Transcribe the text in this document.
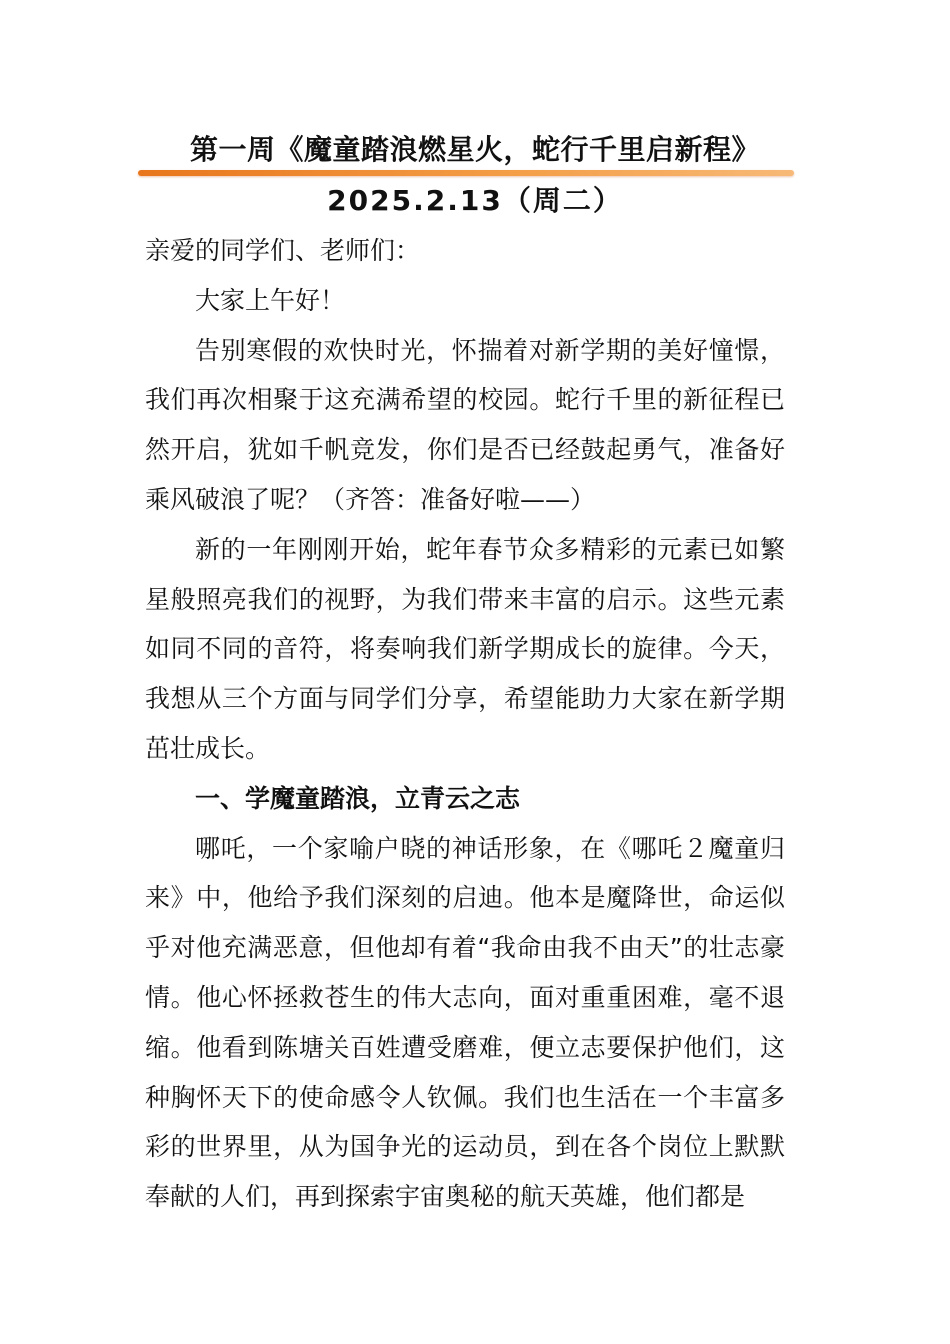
第一周《魔童踏浪燃星火，蛇行千里启新程》
2025.2.13（周二）

亲爱的同学们、老师们：

大家上午好！

告别寒假的欢快时光，怀揣着对新学期的美好憧憬，我们再次相聚于这充满希望的校园。蛇行千里的新征程已然开启，犹如千帆竞发，你们是否已经鼓起勇气，准备好乘风破浪了呢？（齐答：准备好啦——）

新的一年刚刚开始，蛇年春节众多精彩的元素已如繁星般照亮我们的视野，为我们带来丰富的启示。这些元素如同不同的音符，将奏响我们新学期成长的旋律。今天，我想从三个方面与同学们分享，希望能助力大家在新学期茁壮成长。

一、学魔童踏浪，立青云之志

哪吒，一个家喻户晓的神话形象，在《哪吒２魔童归来》中，他给予我们深刻的启迪。他本是魔降世，命运似乎对他充满恶意，但他却有着“我命由我不由天”的壮志豪情。他心怀拯救苍生的伟大志向，面对重重困难，毫不退缩。他看到陈塘关百姓遭受磨难，便立志要保护他们，这种胸怀天下的使命感令人钦佩。我们也生活在一个丰富多彩的世界里，从为国争光的运动员，到在各个岗位上默默奉献的人们，再到探索宇宙奥秘的航天英雄，他们都是
